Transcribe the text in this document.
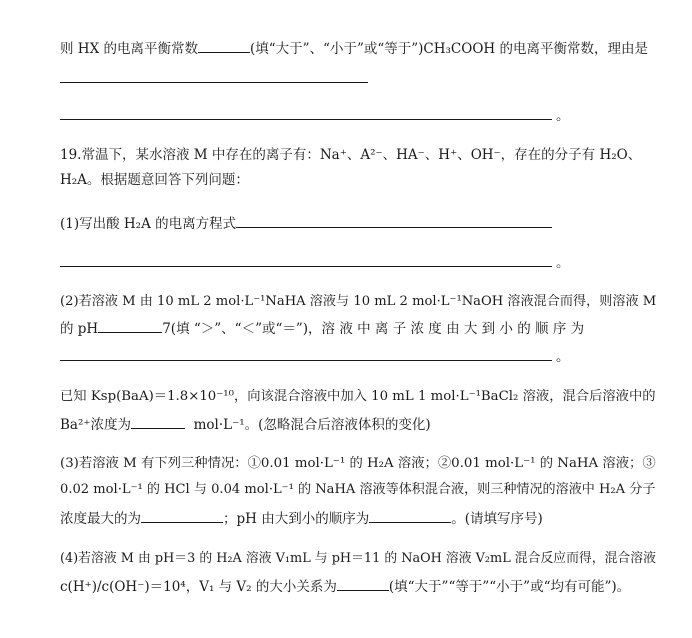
则 HX 的电离平衡常数	(填“大于”、“小于”或“等于”)CH₃COOH 的电离平衡常数，理由是
。
19.常温下，某水溶液 M 中存在的离子有：Na⁺、A²⁻、HA⁻、H⁺、OH⁻，存在的分子有 H₂O、
H₂A。根据题意回答下列问题：
(1)写出酸 H₂A 的电离方程式
。
(2)若溶液 M 由 10 mL 2 mol·L⁻¹NaHA 溶液与 10 mL 2 mol·L⁻¹NaOH 溶液混合而得，则溶液 M
的 pH	7(填 “＞”、“＜”或“＝”)，溶 液 中 离 子 浓 度 由 大 到 小 的 顺 序 为
。
已知 Ksp(BaA)＝1.8×10⁻¹⁰，向该混合溶液中加入 10 mL 1 mol·L⁻¹BaCl₂ 溶液，混合后溶液中的
Ba²⁺浓度为	mol·L⁻¹。(忽略混合后溶液体积的变化)
(3)若溶液 M 有下列三种情况：①0.01 mol·L⁻¹ 的 H₂A 溶液；②0.01 mol·L⁻¹ 的 NaHA 溶液；③
0.02 mol·L⁻¹ 的 HCl 与 0.04 mol·L⁻¹ 的 NaHA 溶液等体积混合液，则三种情况的溶液中 H₂A 分子
浓度最大的为	；pH 由大到小的顺序为	。(请填写序号)
(4)若溶液 M 由 pH＝3 的 H₂A 溶液 V₁mL 与 pH＝11 的 NaOH 溶液 V₂mL 混合反应而得，混合溶液
c(H⁺)/c(OH⁻)＝10⁴，V₁ 与 V₂ 的大小关系为	(填“大于”“等于”“小于”或“均有可能”)。
